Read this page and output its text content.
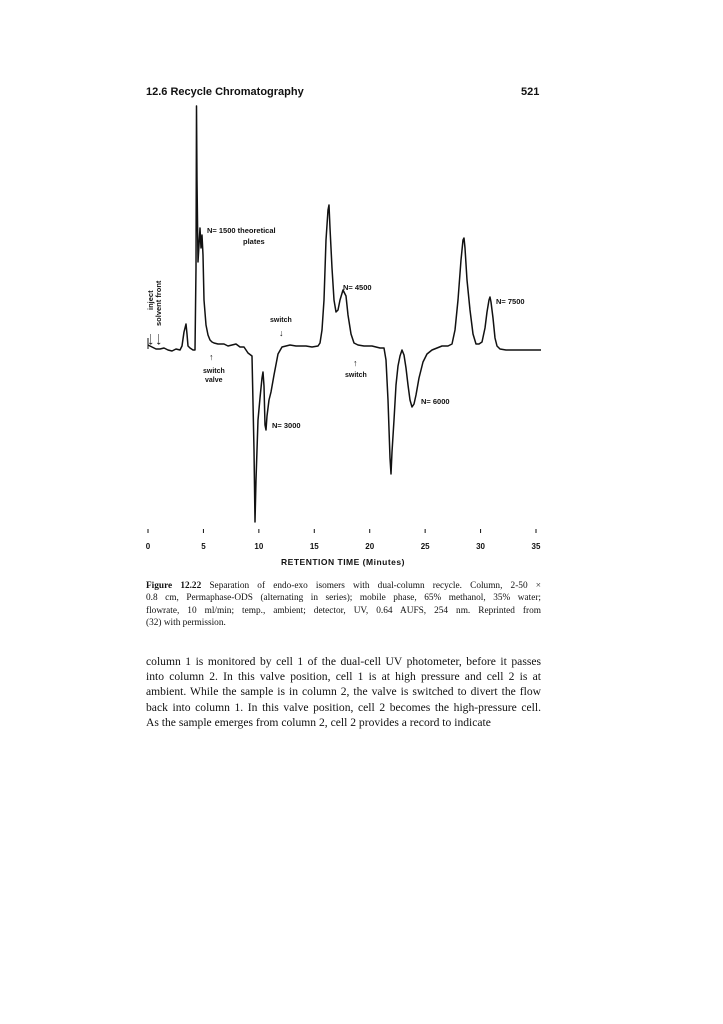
12.6 Recycle Chromatography	521
0	5	10	15	20	25	30	35
RETENTION TIME (Minutes)
inject
⟵
solvent front
⟵
N= 1500 theoretical plates
↑
switch valve
switch
↓
N= 3000
N= 4500
↑
switch
N= 6000
N= 7500
Figure 12.22 Separation of endo-exo isomers with dual-column recycle. Column, 2-50 ×
0.8 cm, Permaphase-ODS (alternating in series); mobile phase, 65% methanol, 35% water;
flowrate, 10 ml/min; temp., ambient; detector, UV, 0.64 AUFS, 254 nm. Reprinted from
(32) with permission.
column 1 is monitored by cell 1 of the dual-cell UV photometer, before it passes
into column 2. In this valve position, cell 1 is at high pressure and cell 2 is at
ambient. While the sample is in column 2, the valve is switched to divert the flow
back into column 1. In this valve position, cell 2 becomes the high-pressure cell.
As the sample emerges from column 2, cell 2 provides a record to indicate
